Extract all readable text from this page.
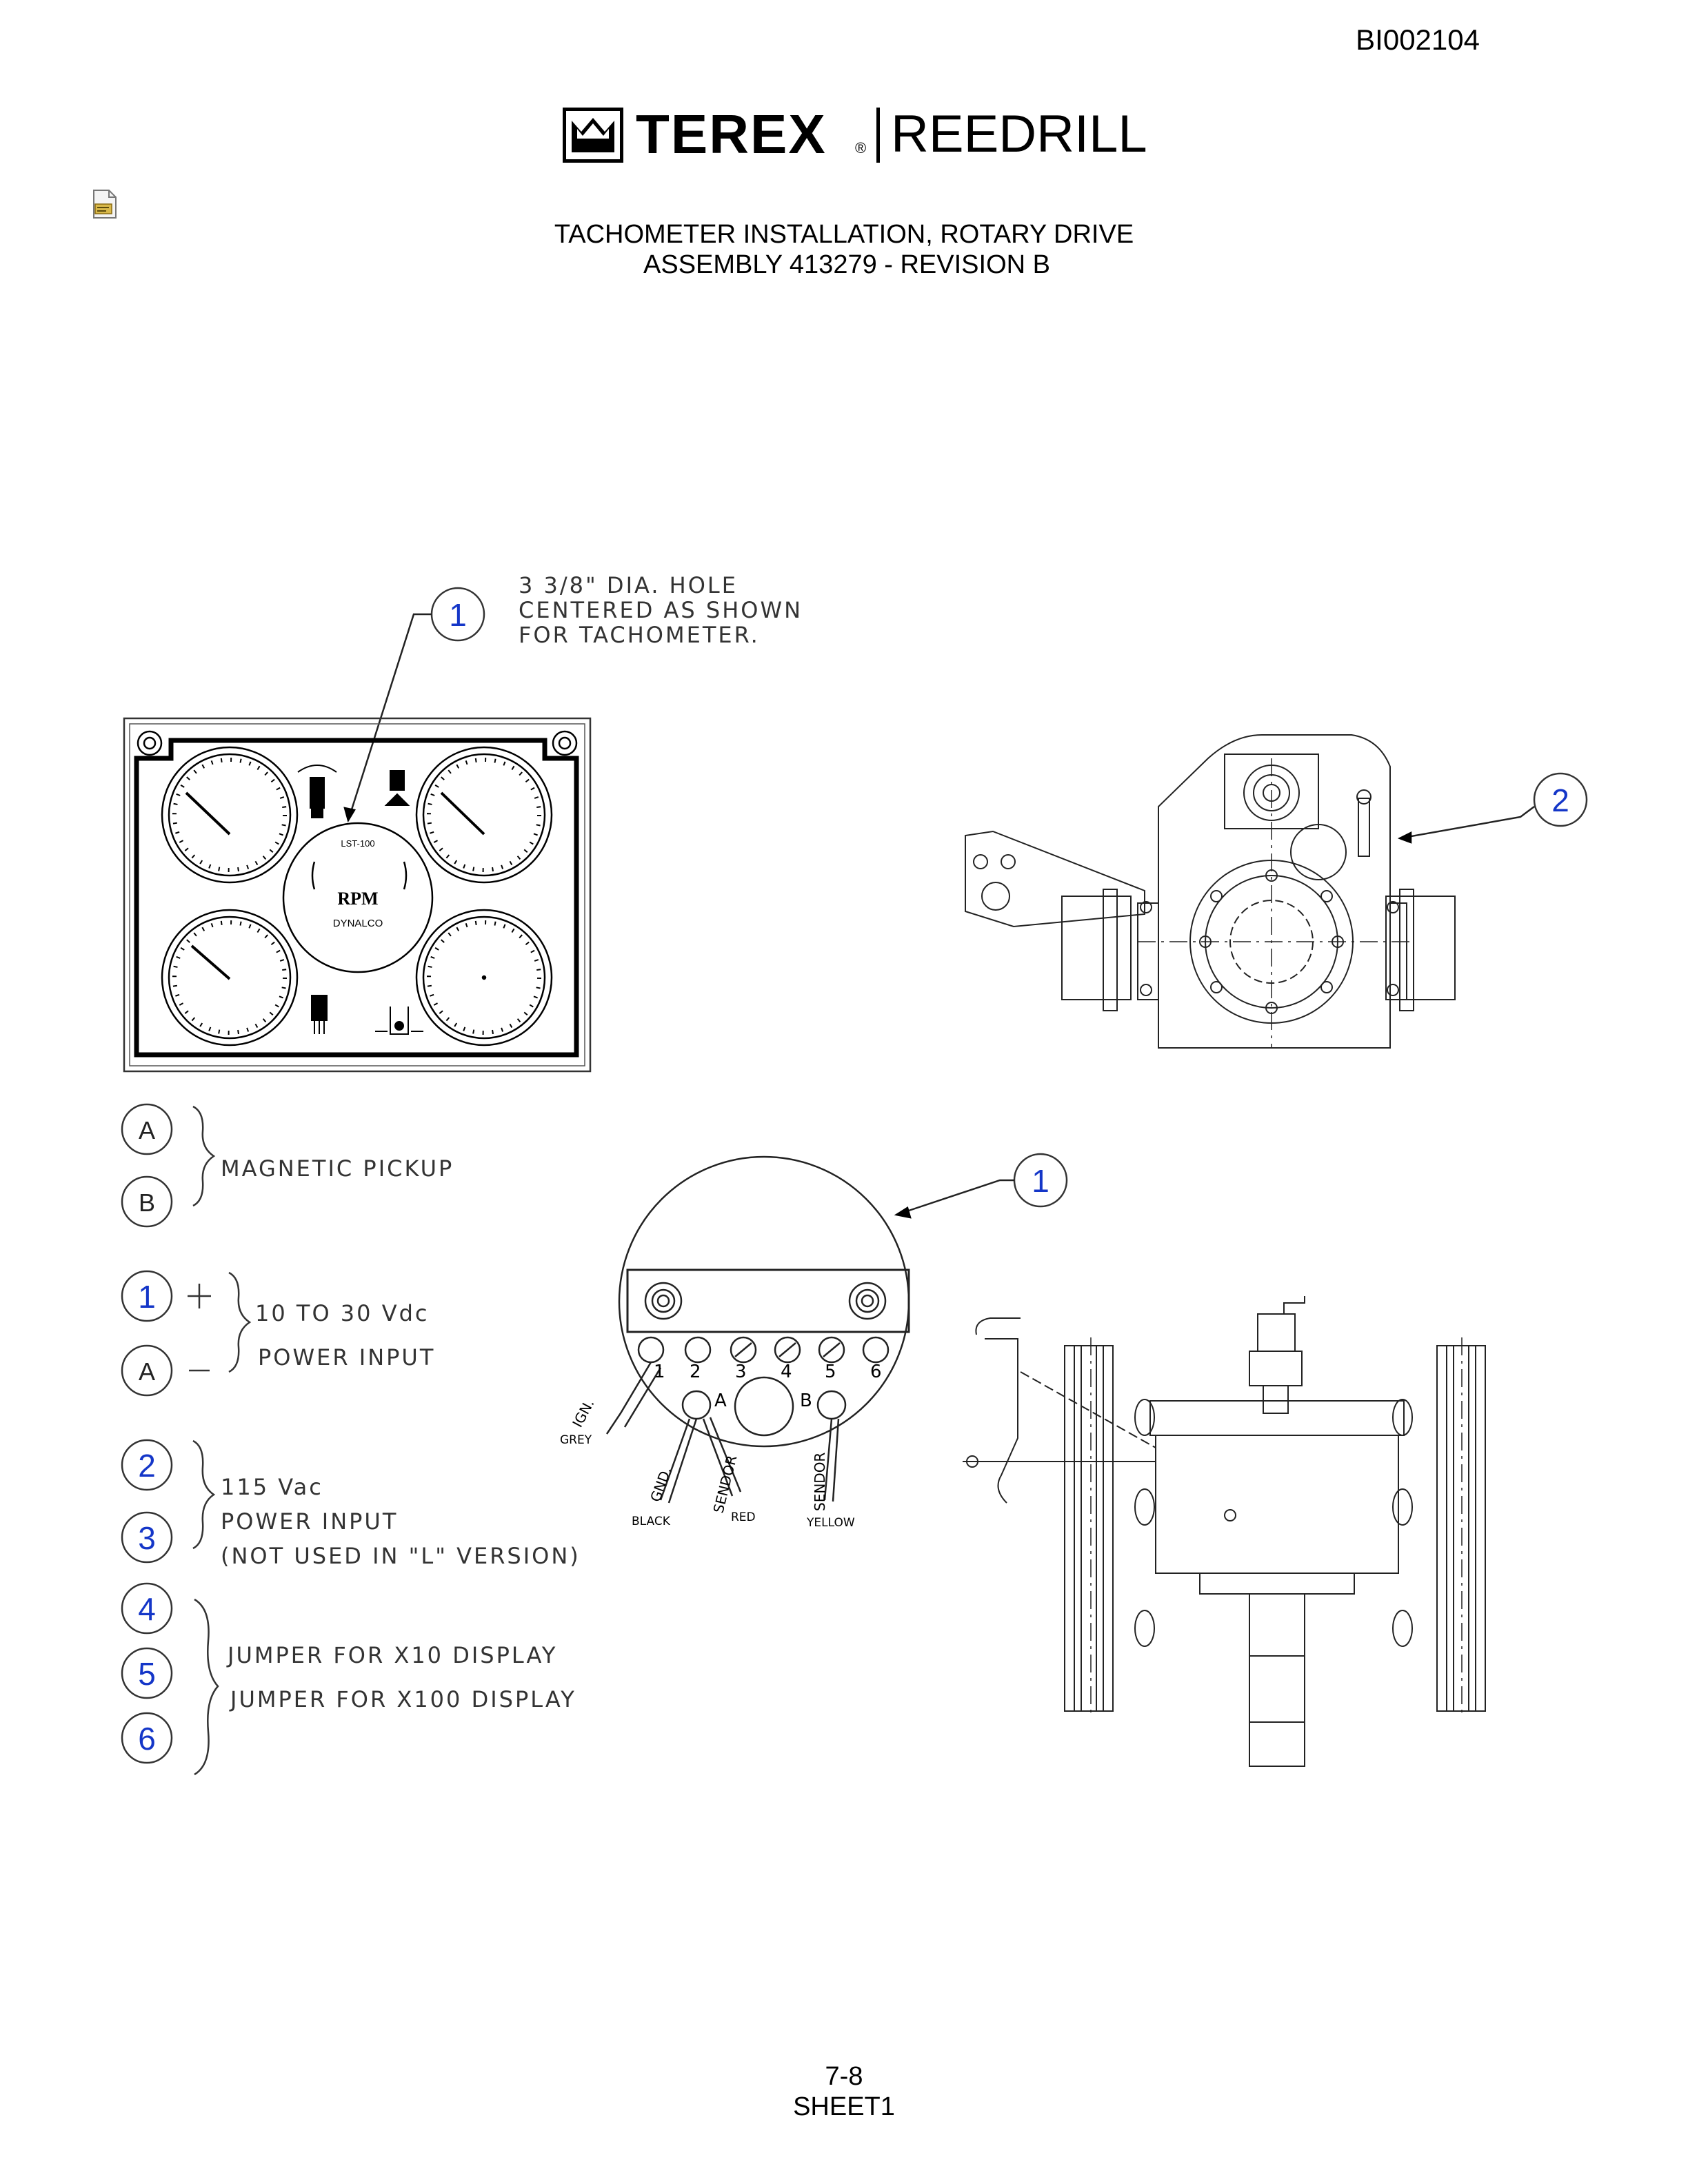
BI002104
TEREX ® REEDRILL
TACHOMETER INSTALLATION, ROTARY DRIVE
ASSEMBLY 413279 - REVISION B
1
2
1
3 3/8" DIA. HOLE
CENTERED AS SHOWN
FOR TACHOMETER.
LST-100
RPM
DYNALCO
A
B
MAGNETIC PICKUP
1
A
10 TO 30 Vdc
POWER INPUT
2
3
115 Vac
POWER INPUT
(NOT USED IN "L" VERSION)
4
5
6
JUMPER FOR X10 DISPLAY
JUMPER FOR X100 DISPLAY
1 2 3 4 5 6
A	B
IGN.
GREY
GND.
BLACK
SENDOR
RED
SENDOR
YELLOW
7-8
SHEET1
